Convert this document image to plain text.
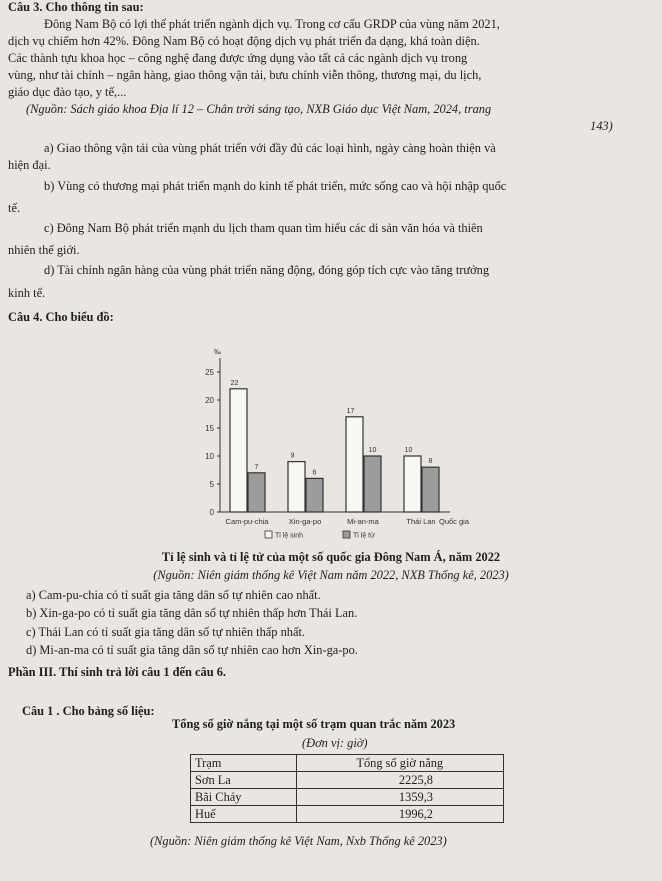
Câu 3. Cho thông tin sau:
Đông Nam Bộ có lợi thế phát triển ngành dịch vụ. Trong cơ cấu GRDP của vùng năm 2021,
dịch vụ chiếm hơn 42%. Đông Nam Bộ có hoạt động dịch vụ phát triển đa dạng, khá toàn diện.
Các thành tựu khoa học – công nghệ đang được ứng dụng vào tất cả các ngành dịch vụ trong
vùng, như tài chính – ngân hàng, giao thông vận tải, bưu chính viễn thông, thương mại, du lịch,
giáo dục đào tạo, y tế,...
(Nguồn: Sách giáo khoa Địa lí 12 – Chân trời sáng tạo, NXB Giáo dục Việt Nam, 2024, trang
143)
a) Giao thông vận tải của vùng phát triển với đầy đủ các loại hình, ngày càng hoàn thiện và
hiện đại.
b) Vùng có thương mại phát triển mạnh do kinh tế phát triển, mức sống cao và hội nhập quốc
tế.
c) Đông Nam Bộ phát triển mạnh du lịch tham quan tìm hiểu các di sản văn hóa và thiên
nhiên thế giới.
d) Tài chính ngân hàng của vùng phát triển năng động, đóng góp tích cực vào tăng trưởng
kinh tế.
Câu 4. Cho biểu đồ:
‰
0
5
10
15
20
25
22
7
Cam-pu-chia
9
6
Xin-ga-po
17
10
Mi-an-ma
10
8
Thái Lan Quốc gia
Tỉ lệ sinh	Tỉ lệ tử
Tỉ lệ sinh và tỉ lệ tử của một số quốc gia Đông Nam Á, năm 2022
(Nguồn: Niên giám thống kê Việt Nam năm 2022, NXB Thống kê, 2023)
a) Cam-pu-chia có tỉ suất gia tăng dân số tự nhiên cao nhất.
b) Xin-ga-po có tỉ suất gia tăng dân số tự nhiên thấp hơn Thái Lan.
c) Thái Lan có tỉ suất gia tăng dân số tự nhiên thấp nhất.
d) Mi-an-ma có tỉ suất gia tăng dân số tự nhiên cao hơn Xin-ga-po.
Phần III. Thí sinh trả lời câu 1 đến câu 6.
Câu 1 . Cho bảng số liệu:
Tổng số giờ nắng tại một số trạm quan trắc năm 2023
(Đơn vị: giờ)
Trạm	Tổng số giờ nắng
Sơn La	2225,8
Bãi Cháy	1359,3
Huế	1996,2
(Nguồn: Niên giám thống kê Việt Nam, Nxb Thống kê 2023)
